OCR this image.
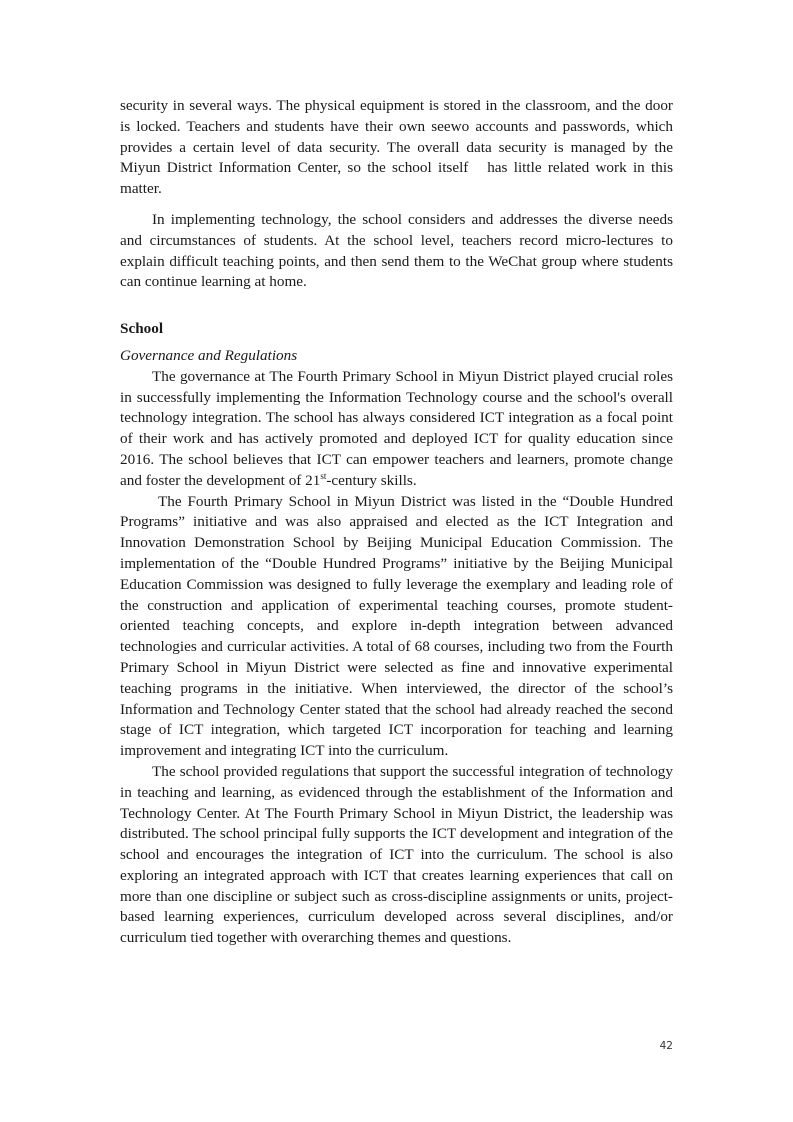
security in several ways. The physical equipment is stored in the classroom, and the door is locked. Teachers and students have their own seewo accounts and passwords, which provides a certain level of data security. The overall data security is managed by the Miyun District Information Center, so the school itself   has little related work in this matter.

In implementing technology, the school considers and addresses the diverse needs and circumstances of students. At the school level, teachers record micro-lectures to explain difficult teaching points, and then send them to the WeChat group where students can continue learning at home.

School

Governance and Regulations

The governance at The Fourth Primary School in Miyun District played crucial roles in successfully implementing the Information Technology course and the school's overall technology integration. The school has always considered ICT integration as a focal point of their work and has actively promoted and deployed ICT for quality education since 2016. The school believes that ICT can empower teachers and learners, promote change and foster the development of 21st-century skills.

The Fourth Primary School in Miyun District was listed in the “Double Hundred Programs” initiative and was also appraised and elected as the ICT Integration and Innovation Demonstration School by Beijing Municipal Education Commission. The implementation of the “Double Hundred Programs” initiative by the Beijing Municipal Education Commission was designed to fully leverage the exemplary and leading role of the construction and application of experimental teaching courses, promote student-oriented teaching concepts, and explore in-depth integration between advanced technologies and curricular activities. A total of 68 courses, including two from the Fourth Primary School in Miyun District were selected as fine and innovative experimental teaching programs in the initiative. When interviewed, the director of the school’s Information and Technology Center stated that the school had already reached the second stage of ICT integration, which targeted ICT incorporation for teaching and learning improvement and integrating ICT into the curriculum.

The school provided regulations that support the successful integration of technology in teaching and learning, as evidenced through the establishment of the Information and Technology Center. At The Fourth Primary School in Miyun District, the leadership was distributed. The school principal fully supports the ICT development and integration of the school and encourages the integration of ICT into the curriculum. The school is also exploring an integrated approach with ICT that creates learning experiences that call on more than one discipline or subject such as cross-discipline assignments or units, project-based learning experiences, curriculum developed across several disciplines, and/or curriculum tied together with overarching themes and questions.

42
